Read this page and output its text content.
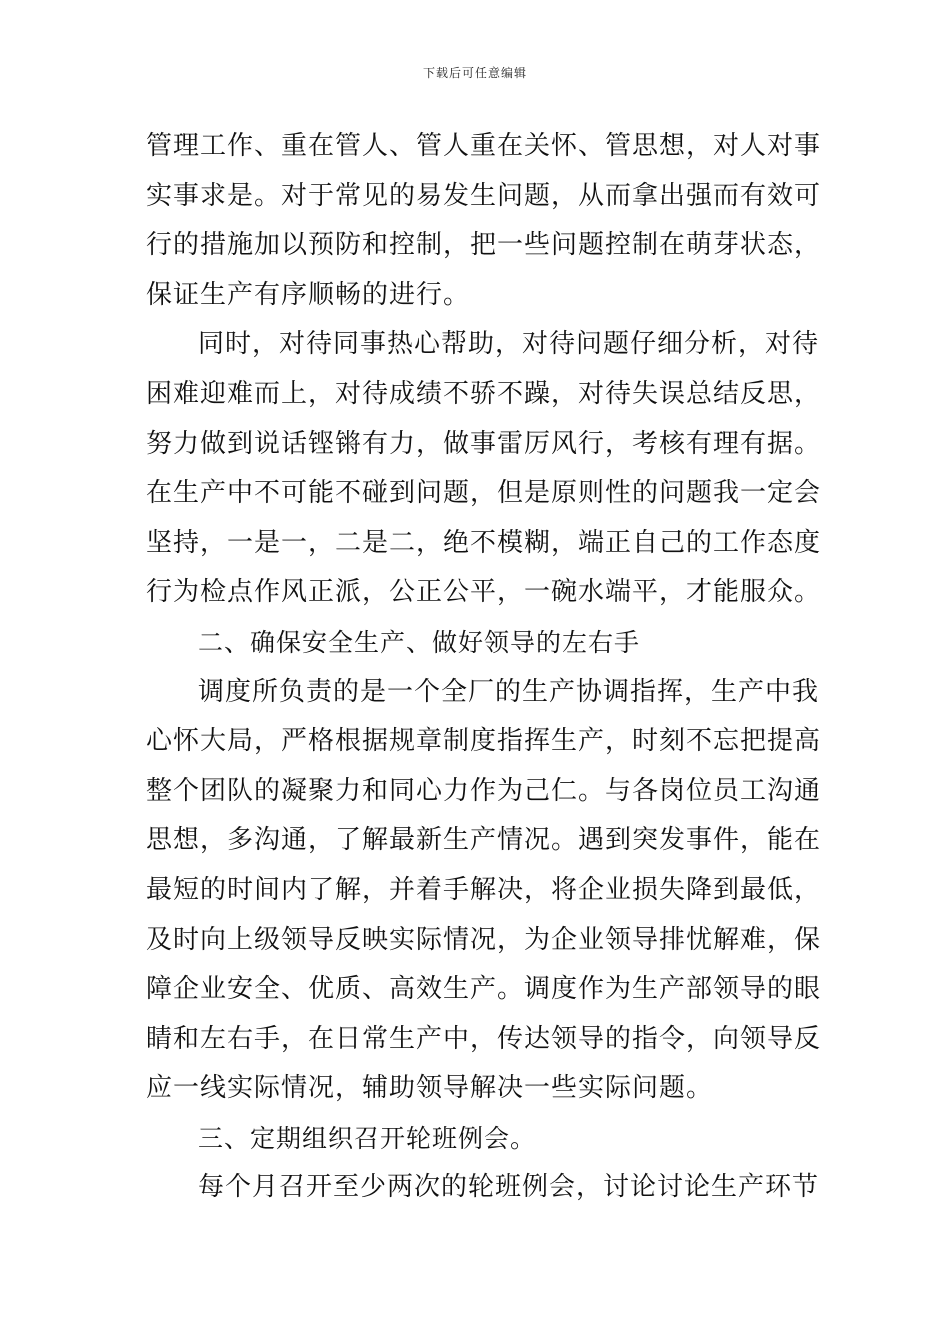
下载后可任意编辑
管理工作、重在管人、管人重在关怀、管思想，对人对事
实事求是。对于常见的易发生问题，从而拿出强而有效可
行的措施加以预防和控制，把一些问题控制在萌芽状态，
保证生产有序顺畅的进行。
同时，对待同事热心帮助，对待问题仔细分析，对待
困难迎难而上，对待成绩不骄不躁，对待失误总结反思，
努力做到说话铿锵有力，做事雷厉风行，考核有理有据。
在生产中不可能不碰到问题，但是原则性的问题我一定会
坚持，一是一，二是二，绝不模糊，端正自己的工作态度
行为检点作风正派，公正公平，一碗水端平，才能服众。
二、确保安全生产、做好领导的左右手
调度所负责的是一个全厂的生产协调指挥，生产中我
心怀大局，严格根据规章制度指挥生产，时刻不忘把提高
整个团队的凝聚力和同心力作为己仁。与各岗位员工沟通
思想，多沟通，了解最新生产情况。遇到突发事件，能在
最短的时间内了解，并着手解决，将企业损失降到最低，
及时向上级领导反映实际情况，为企业领导排忧解难，保
障企业安全、优质、高效生产。调度作为生产部领导的眼
睛和左右手，在日常生产中，传达领导的指令，向领导反
应一线实际情况，辅助领导解决一些实际问题。
三、定期组织召开轮班例会。
每个月召开至少两次的轮班例会，讨论讨论生产环节
